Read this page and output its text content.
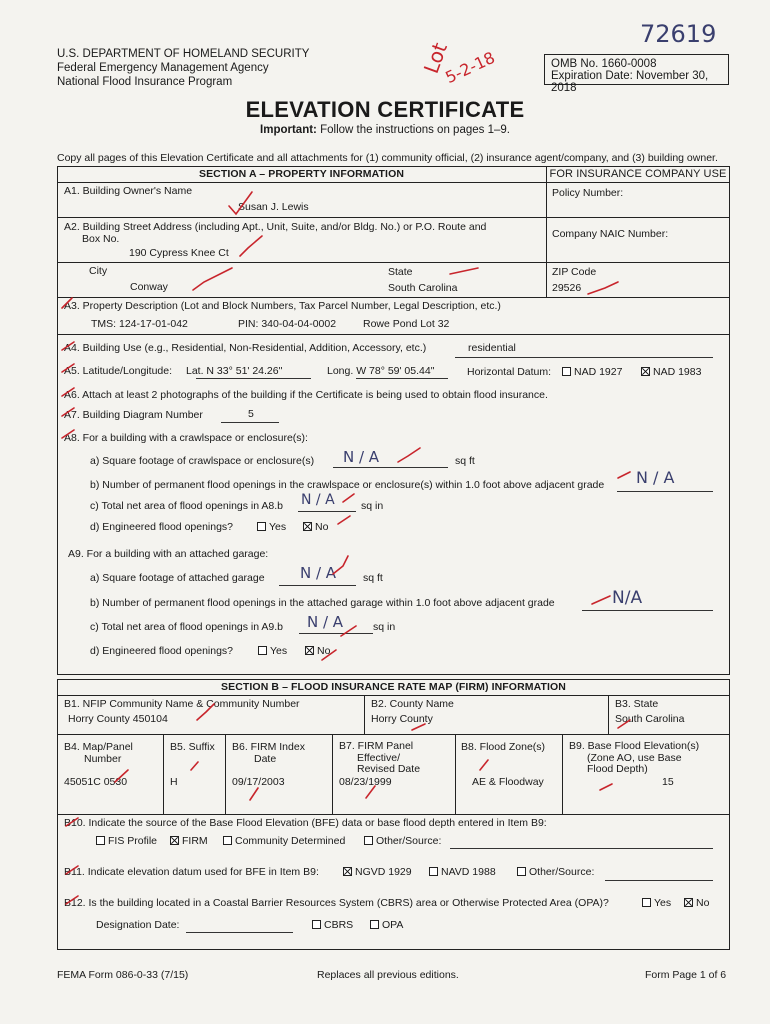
U.S. DEPARTMENT OF HOMELAND SECURITY
Federal Emergency Management Agency
National Flood Insurance Program
72619
Lot
5-2-18	OMB No. 1660-0008
Expiration Date: November 30, 2018
ELEVATION CERTIFICATE
Important: Follow the instructions on pages 1–9.
Copy all pages of this Elevation Certificate and all attachments for (1) community official, (2) insurance agent/company, and (3) building owner.
SECTION A – PROPERTY INFORMATION	FOR INSURANCE COMPANY USE
A1. Building Owner's Name
Susan J. Lewis
Policy Number:
A2. Building Street Address (including Apt., Unit, Suite, and/or Bldg. No.) or P.O. Route and
Box No.
190 Cypress Knee Ct
Company NAIC Number:
City
Conway
State
South Carolina
ZIP Code
29526
A3. Property Description (Lot and Block Numbers, Tax Parcel Number, Legal Description, etc.)
TMS: 124-17-01-042	PIN: 340-04-04-0002	Rowe Pond Lot 32
A4. Building Use (e.g., Residential, Non-Residential, Addition, Accessory, etc.)	residential
A5. Latitude/Longitude: Lat. N 33° 51' 24.26"	Long. W 78° 59' 05.44"	Horizontal Datum:	NAD 1927	NAD 1983
A6. Attach at least 2 photographs of the building if the Certificate is being used to obtain flood insurance.
A7. Building Diagram Number	5
A8. For a building with a crawlspace or enclosure(s):
a) Square footage of crawlspace or enclosure(s) N / A	sq ft
b) Number of permanent flood openings in the crawlspace or enclosure(s) within 1.0 foot above adjacent grade N / A
c) Total net area of flood openings in A8.b N / A	sq in
d) Engineered flood openings?	Yes	No
A9. For a building with an attached garage:
a) Square footage of attached garage N / A	sq ft
b) Number of permanent flood openings in the attached garage within 1.0 foot above adjacent grade	N/A
c) Total net area of flood openings in A9.b N / A	sq in
d) Engineered flood openings?	Yes	No
SECTION B – FLOOD INSURANCE RATE MAP (FIRM) INFORMATION
B1. NFIP Community Name & Community Number
Horry County 450104
B2. County Name
Horry County
B3. State
South Carolina
B4. Map/Panel
Number
45051C 0530
B5. Suffix
H
B6. FIRM Index
Date
09/17/2003
B7. FIRM Panel
Effective/
Revised Date
08/23/1999
B8. Flood Zone(s)
AE & Floodway
B9. Base Flood Elevation(s)
(Zone AO, use Base
Flood Depth)
15
B10. Indicate the source of the Base Flood Elevation (BFE) data or base flood depth entered in Item B9:
FIS Profile	FIRM	Community Determined	Other/Source:
B11. Indicate elevation datum used for BFE in Item B9:	NGVD 1929	NAVD 1988	Other/Source:
B12. Is the building located in a Coastal Barrier Resources System (CBRS) area or Otherwise Protected Area (OPA)?	Yes	No
Designation Date:	CBRS	OPA
FEMA Form 086-0-33 (7/15)	Replaces all previous editions.	Form Page 1 of 6
